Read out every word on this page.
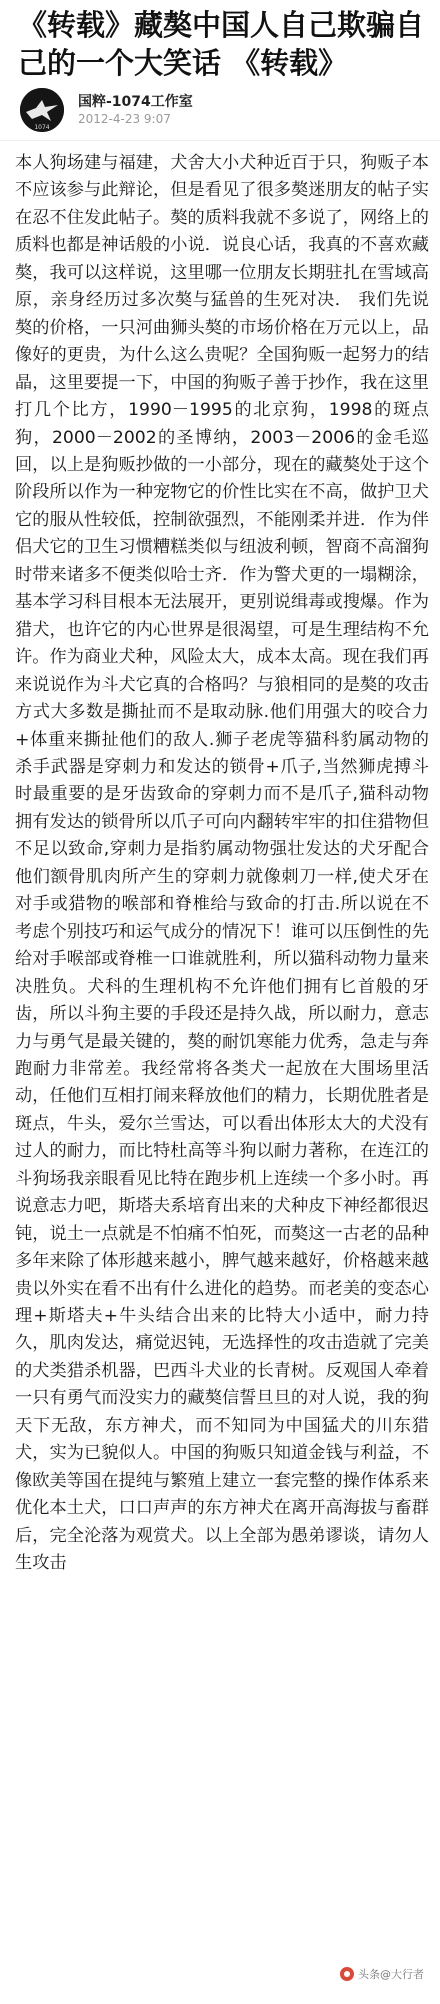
《转载》藏獒中国人自己欺骗自己的一个大笑话 《转载》
1074
国粹-1074工作室
2012-4-23 9:07

本人狗场建与福建，犬舍大小犬种近百于只，狗贩子本不应该参与此辩论，但是看见了很多獒迷朋友的帖子实在忍不住发此帖子。獒的质料我就不多说了，网络上的质料也都是神话般的小说．说良心话，我真的不喜欢藏獒，我可以这样说，这里哪一位朋友长期驻扎在雪域高原，亲身经历过多次獒与猛兽的生死对决． 我们先说獒的价格，一只河曲狮头獒的市场价格在万元以上，品像好的更贵，为什么这么贵呢？全国狗贩一起努力的结晶，这里要提一下，中国的狗贩子善于抄作，我在这里打几个比方，1990－1995的北京狗，1998的斑点狗，2000－2002的圣博纳，2003－2006的金毛巡回，以上是狗贩抄做的一小部分，现在的藏獒处于这个阶段所以作为一种宠物它的价性比实在不高，做护卫犬它的服从性较低，控制欲强烈，不能刚柔并进．作为伴侣犬它的卫生习惯糟糕类似与纽波利顿，智商不高溜狗时带来诸多不便类似哈士齐．作为警犬更的一塌糊涂，基本学习科目根本无法展开，更别说缉毒或搜爆。作为猎犬，也许它的内心世界是很渴望，可是生理结构不允许。作为商业犬种，风险太大，成本太高。现在我们再来说说作为斗犬它真的合格吗？与狼相同的是獒的攻击方式大多数是撕扯而不是取动脉.他们用强大的咬合力+体重来撕扯他们的敌人.狮子老虎等猫科豹属动物的杀手武器是穿刺力和发达的锁骨+爪子,当然狮虎搏斗时最重要的是牙齿致命的穿刺力而不是爪子,猫科动物拥有发达的锁骨所以爪子可向内翻转牢牢的扣住猎物但不足以致命,穿刺力是指豹属动物强壮发达的犬牙配合他们额骨肌肉所产生的穿刺力就像刺刀一样,使犬牙在对手或猎物的喉部和脊椎给与致命的打击.所以说在不考虑个别技巧和运气成分的情况下！谁可以压倒性的先给对手喉部或脊椎一口谁就胜利，所以猫科动物力量来决胜负。犬科的生理机构不允许他们拥有匕首般的牙齿，所以斗狗主要的手段还是持久战，所以耐力，意志力与勇气是最关键的，獒的耐饥寒能力优秀，急走与奔跑耐力非常差。我经常将各类犬一起放在大围场里活动，任他们互相打闹来释放他们的精力，长期优胜者是斑点，牛头，爱尔兰雪达，可以看出体形太大的犬没有过人的耐力，而比特杜高等斗狗以耐力著称，在连江的斗狗场我亲眼看见比特在跑步机上连续一个多小时。再说意志力吧，斯塔夫系培育出来的犬种皮下神经都很迟钝，说土一点就是不怕痛不怕死，而獒这一古老的品种多年来除了体形越来越小，脾气越来越好，价格越来越贵以外实在看不出有什么进化的趋势。而老美的变态心理+斯塔夫+牛头结合出来的比特大小适中，耐力持久，肌肉发达，痛觉迟钝，无选择性的攻击造就了完美的犬类猎杀机器，巴西斗犬业的长青树。反观国人牵着一只有勇气而没实力的藏獒信誓旦旦的对人说，我的狗天下无敌，东方神犬，而不知同为中国猛犬的川东猎犬，实为已貌似人。中国的狗贩只知道金钱与利益，不像欧美等国在提纯与繁殖上建立一套完整的操作体系来优化本土犬，口口声声的东方神犬在离开高海拔与畜群后，完全沦落为观赏犬。以上全部为愚弟谬谈，请勿人生攻击

头条@大行者
